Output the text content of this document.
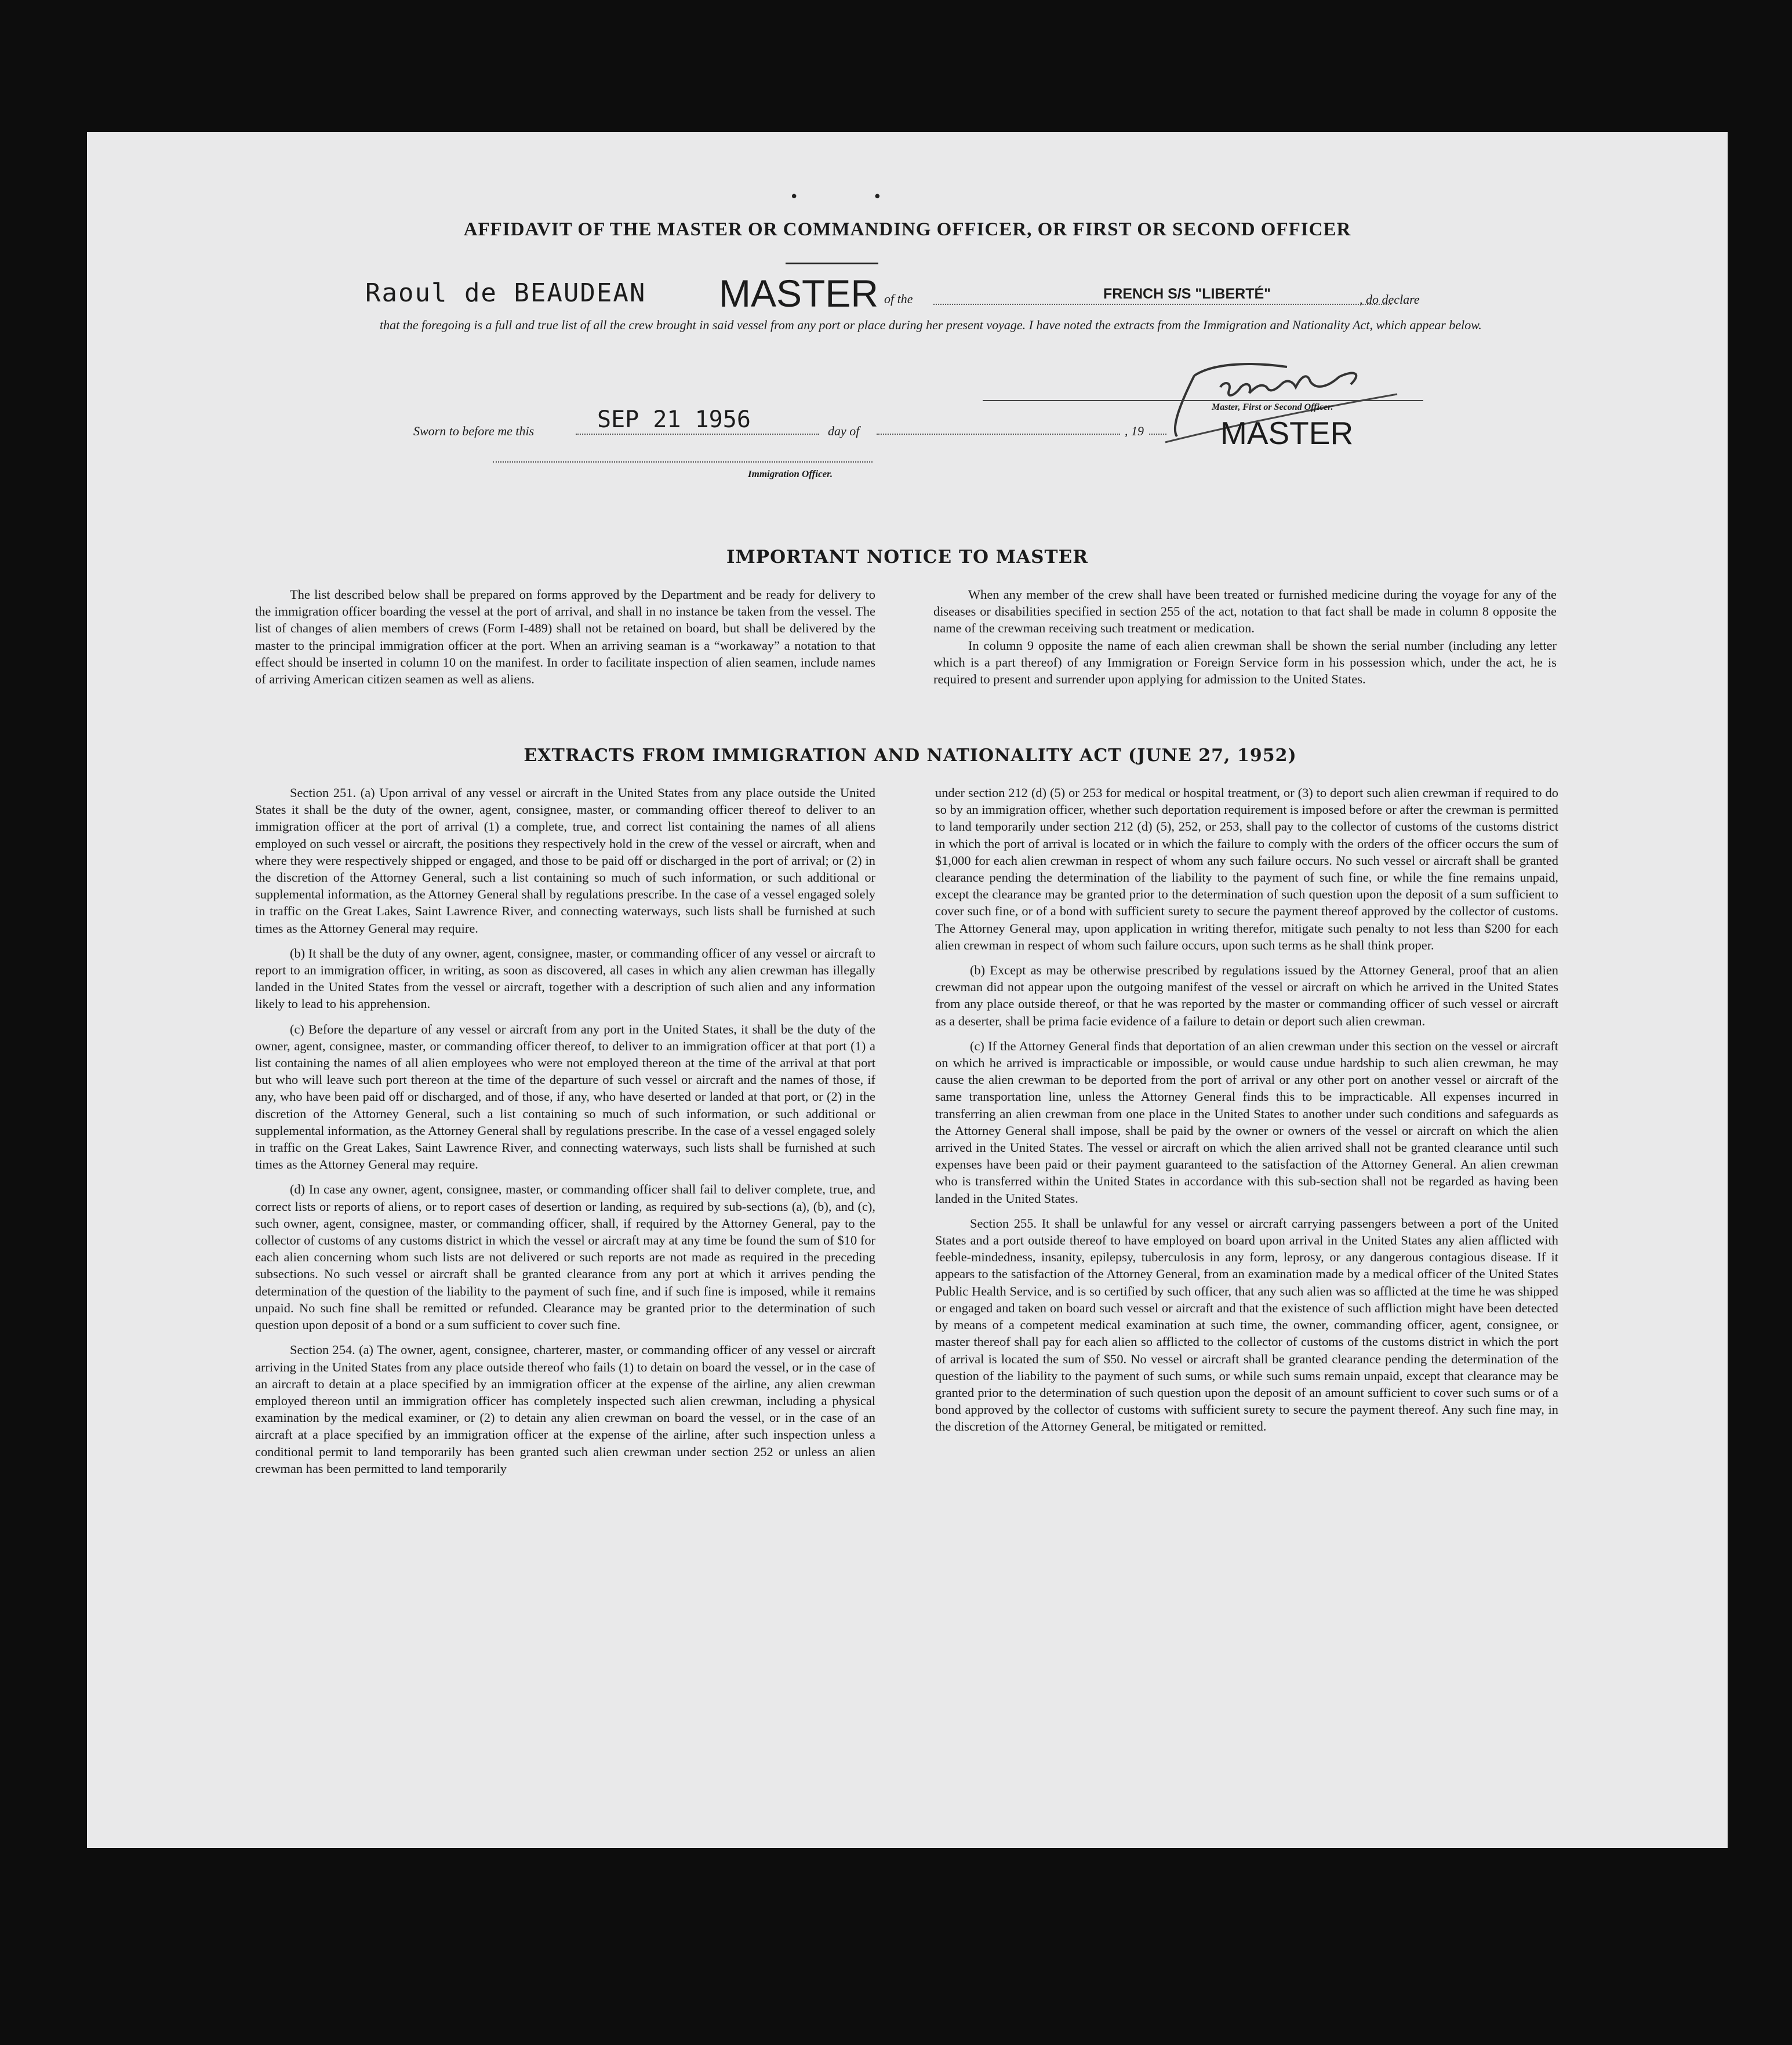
• •
AFFIDAVIT OF THE MASTER OR COMMANDING OFFICER, OR FIRST OR SECOND OFFICER
Raoul de BEAUDEAN MASTER of the	FRENCH S/S "LIBERTÉ"	, do declare
that the foregoing is a full and true list of all the crew brought in said vessel from any port or place during her present voyage. I have noted the extracts from the Immigration and Nationality Act, which appear below.
Master, First or Second Officer.
Sworn to before me this	SEP 21 1956	day of	, 19 MASTER
Immigration Officer.
IMPORTANT NOTICE TO MASTER

The list described below shall be prepared on forms approved by the Department and be ready for delivery to the immigration officer boarding the vessel at the port of arrival, and shall in no instance be taken from the vessel. The list of changes of alien members of crews (Form I-489) shall not be retained on board, but shall be delivered by the master to the principal immigration officer at the port. When an arriving seaman is a “workaway” a notation to that effect should be inserted in column 10 on the manifest. In order to facilitate inspection of alien seamen, include names of arriving American citizen seamen as well as aliens.

When any member of the crew shall have been treated or furnished medicine during the voyage for any of the diseases or disabilities specified in section 255 of the act, notation to that fact shall be made in column 8 opposite the name of the crewman receiving such treatment or medication.

In column 9 opposite the name of each alien crewman shall be shown the serial number (including any letter which is a part thereof) of any Immigration or Foreign Service form in his possession which, under the act, he is required to present and surrender upon applying for admission to the United States.

EXTRACTS FROM IMMIGRATION AND NATIONALITY ACT (JUNE 27, 1952)

Section 251. (a) Upon arrival of any vessel or aircraft in the United States from any place outside the United States it shall be the duty of the owner, agent, consignee, master, or commanding officer thereof to deliver to an immigration officer at the port of arrival (1) a complete, true, and correct list containing the names of all aliens employed on such vessel or aircraft, the positions they respectively hold in the crew of the vessel or aircraft, when and where they were respectively shipped or engaged, and those to be paid off or discharged in the port of arrival; or (2) in the discretion of the Attorney General, such a list containing so much of such information, or such additional or supplemental information, as the Attorney General shall by regulations prescribe. In the case of a vessel engaged solely in traffic on the Great Lakes, Saint Lawrence River, and connecting waterways, such lists shall be furnished at such times as the Attorney General may require.

(b) It shall be the duty of any owner, agent, consignee, master, or commanding officer of any vessel or aircraft to report to an immigration officer, in writing, as soon as discovered, all cases in which any alien crewman has illegally landed in the United States from the vessel or aircraft, together with a description of such alien and any information likely to lead to his apprehension.

(c) Before the departure of any vessel or aircraft from any port in the United States, it shall be the duty of the owner, agent, consignee, master, or commanding officer thereof, to deliver to an immigration officer at that port (1) a list containing the names of all alien employees who were not employed thereon at the time of the arrival at that port but who will leave such port thereon at the time of the departure of such vessel or aircraft and the names of those, if any, who have been paid off or discharged, and of those, if any, who have deserted or landed at that port, or (2) in the discretion of the Attorney General, such a list containing so much of such information, or such additional or supplemental information, as the Attorney General shall by regulations prescribe. In the case of a vessel engaged solely in traffic on the Great Lakes, Saint Lawrence River, and connecting waterways, such lists shall be furnished at such times as the Attorney General may require.

(d) In case any owner, agent, consignee, master, or commanding officer shall fail to deliver complete, true, and correct lists or reports of aliens, or to report cases of desertion or landing, as required by sub-sections (a), (b), and (c), such owner, agent, consignee, master, or commanding officer, shall, if required by the Attorney General, pay to the collector of customs of any customs district in which the vessel or aircraft may at any time be found the sum of $10 for each alien concerning whom such lists are not delivered or such reports are not made as required in the preceding subsections. No such vessel or aircraft shall be granted clearance from any port at which it arrives pending the determination of the question of the liability to the payment of such fine, and if such fine is imposed, while it remains unpaid. No such fine shall be remitted or refunded. Clearance may be granted prior to the determination of such question upon deposit of a bond or a sum sufficient to cover such fine.

Section 254. (a) The owner, agent, consignee, charterer, master, or commanding officer of any vessel or aircraft arriving in the United States from any place outside thereof who fails (1) to detain on board the vessel, or in the case of an aircraft to detain at a place specified by an immigration officer at the expense of the airline, any alien crewman employed thereon until an immigration officer has completely inspected such alien crewman, including a physical examination by the medical examiner, or (2) to detain any alien crewman on board the vessel, or in the case of an aircraft at a place specified by an immigration officer at the expense of the airline, after such inspection unless a conditional permit to land temporarily has been granted such alien crewman under section 252 or unless an alien crewman has been permitted to land temporarily

under section 212 (d) (5) or 253 for medical or hospital treatment, or (3) to deport such alien crewman if required to do so by an immigration officer, whether such deportation requirement is imposed before or after the crewman is permitted to land temporarily under section 212 (d) (5), 252, or 253, shall pay to the collector of customs of the customs district in which the port of arrival is located or in which the failure to comply with the orders of the officer occurs the sum of $1,000 for each alien crewman in respect of whom any such failure occurs. No such vessel or aircraft shall be granted clearance pending the determination of the liability to the payment of such fine, or while the fine remains unpaid, except the clearance may be granted prior to the determination of such question upon the deposit of a sum sufficient to cover such fine, or of a bond with sufficient surety to secure the payment thereof approved by the collector of customs. The Attorney General may, upon application in writing therefor, mitigate such penalty to not less than $200 for each alien crewman in respect of whom such failure occurs, upon such terms as he shall think proper.

(b) Except as may be otherwise prescribed by regulations issued by the Attorney General, proof that an alien crewman did not appear upon the outgoing manifest of the vessel or aircraft on which he arrived in the United States from any place outside thereof, or that he was reported by the master or commanding officer of such vessel or aircraft as a deserter, shall be prima facie evidence of a failure to detain or deport such alien crewman.

(c) If the Attorney General finds that deportation of an alien crewman under this section on the vessel or aircraft on which he arrived is impracticable or impossible, or would cause undue hardship to such alien crewman, he may cause the alien crewman to be deported from the port of arrival or any other port on another vessel or aircraft of the same transportation line, unless the Attorney General finds this to be impracticable. All expenses incurred in transferring an alien crewman from one place in the United States to another under such conditions and safeguards as the Attorney General shall impose, shall be paid by the owner or owners of the vessel or aircraft on which the alien arrived in the United States. The vessel or aircraft on which the alien arrived shall not be granted clearance until such expenses have been paid or their payment guaranteed to the satisfaction of the Attorney General. An alien crewman who is transferred within the United States in accordance with this sub-section shall not be regarded as having been landed in the United States.

Section 255. It shall be unlawful for any vessel or aircraft carrying passengers between a port of the United States and a port outside thereof to have employed on board upon arrival in the United States any alien afflicted with feeble-mindedness, insanity, epilepsy, tuberculosis in any form, leprosy, or any dangerous contagious disease. If it appears to the satisfaction of the Attorney General, from an examination made by a medical officer of the United States Public Health Service, and is so certified by such officer, that any such alien was so afflicted at the time he was shipped or engaged and taken on board such vessel or aircraft and that the existence of such affliction might have been detected by means of a competent medical examination at such time, the owner, commanding officer, agent, consignee, or master thereof shall pay for each alien so afflicted to the collector of customs of the customs district in which the port of arrival is located the sum of $50. No vessel or aircraft shall be granted clearance pending the determination of the question of the liability to the payment of such sums, or while such sums remain unpaid, except that clearance may be granted prior to the determination of such question upon the deposit of an amount sufficient to cover such sums or of a bond approved by the collector of customs with sufficient surety to secure the payment thereof. Any such fine may, in the discretion of the Attorney General, be mitigated or remitted.
